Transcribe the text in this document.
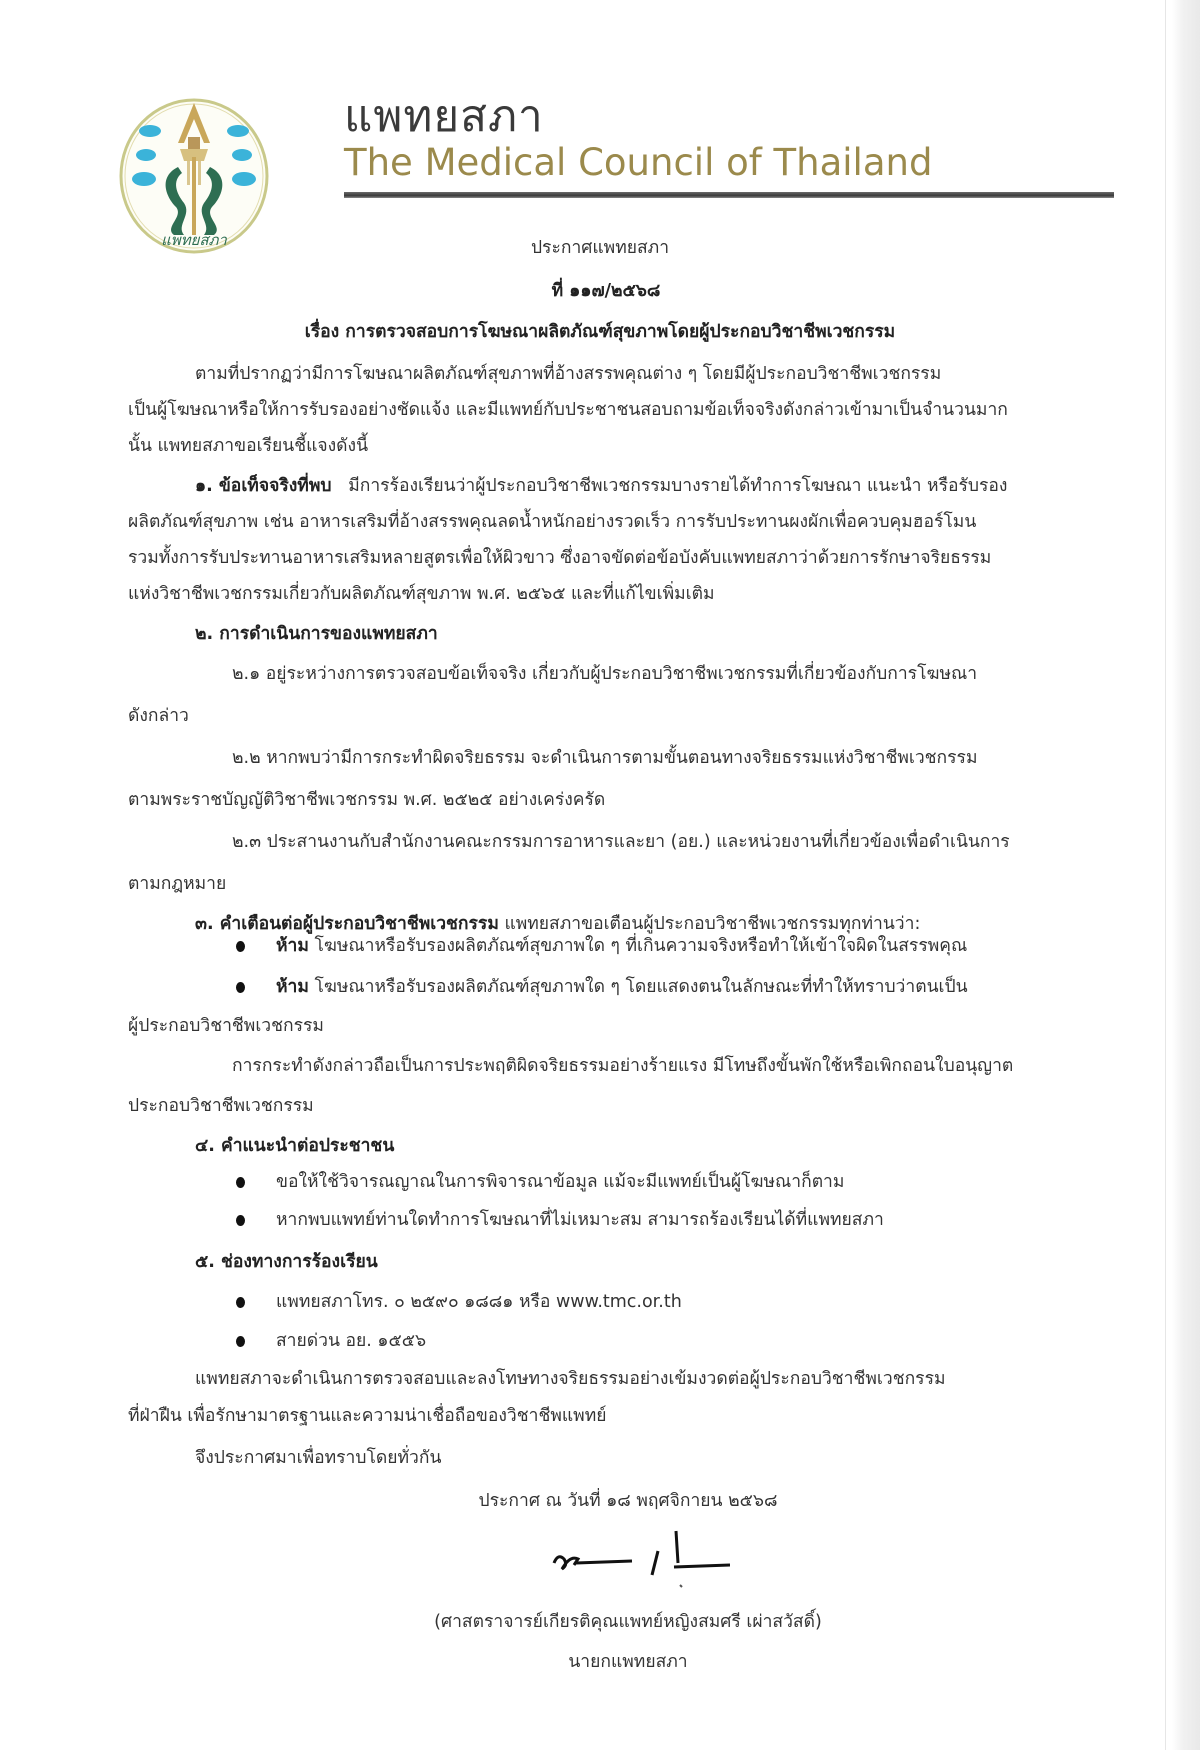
แพทยสภา
แพทยสภา
The Medical Council of Thailand
ประกาศแพทยสภา
ที่ ๑๑๗/๒๕๖๘
เรื่อง การตรวจสอบการโฆษณาผลิตภัณฑ์สุขภาพโดยผู้ประกอบวิชาชีพเวชกรรม
ตามที่ปรากฏว่ามีการโฆษณาผลิตภัณฑ์สุขภาพที่อ้างสรรพคุณต่าง ๆ โดยมีผู้ประกอบวิชาชีพเวชกรรม
เป็นผู้โฆษณาหรือให้การรับรองอย่างชัดแจ้ง และมีแพทย์กับประชาชนสอบถามข้อเท็จจริงดังกล่าวเข้ามาเป็นจำนวนมาก
นั้น แพทยสภาขอเรียนชี้แจงดังนี้
๑. ข้อเท็จจริงที่พบ มีการร้องเรียนว่าผู้ประกอบวิชาชีพเวชกรรมบางรายได้ทำการโฆษณา แนะนำ หรือรับรอง
ผลิตภัณฑ์สุขภาพ เช่น อาหารเสริมที่อ้างสรรพคุณลดน้ำหนักอย่างรวดเร็ว การรับประทานผงผักเพื่อควบคุมฮอร์โมน
รวมทั้งการรับประทานอาหารเสริมหลายสูตรเพื่อให้ผิวขาว ซึ่งอาจขัดต่อข้อบังคับแพทยสภาว่าด้วยการรักษาจริยธรรม
แห่งวิชาชีพเวชกรรมเกี่ยวกับผลิตภัณฑ์สุขภาพ พ.ศ. ๒๕๖๕ และที่แก้ไขเพิ่มเติม
๒. การดำเนินการของแพทยสภา
๒.๑ อยู่ระหว่างการตรวจสอบข้อเท็จจริง เกี่ยวกับผู้ประกอบวิชาชีพเวชกรรมที่เกี่ยวข้องกับการโฆษณา
ดังกล่าว
๒.๒ หากพบว่ามีการกระทำผิดจริยธรรม จะดำเนินการตามขั้นตอนทางจริยธรรมแห่งวิชาชีพเวชกรรม
ตามพระราชบัญญัติวิชาชีพเวชกรรม พ.ศ. ๒๕๒๕ อย่างเคร่งครัด
๒.๓ ประสานงานกับสำนักงานคณะกรรมการอาหารและยา (อย.) และหน่วยงานที่เกี่ยวข้องเพื่อดำเนินการ
ตามกฎหมาย
๓. คำเตือนต่อผู้ประกอบวิชาชีพเวชกรรม แพทยสภาขอเตือนผู้ประกอบวิชาชีพเวชกรรมทุกท่านว่า:
ห้าม โฆษณาหรือรับรองผลิตภัณฑ์สุขภาพใด ๆ ที่เกินความจริงหรือทำให้เข้าใจผิดในสรรพคุณ
ห้าม โฆษณาหรือรับรองผลิตภัณฑ์สุขภาพใด ๆ โดยแสดงตนในลักษณะที่ทำให้ทราบว่าตนเป็น
ผู้ประกอบวิชาชีพเวชกรรม
การกระทำดังกล่าวถือเป็นการประพฤติผิดจริยธรรมอย่างร้ายแรง มีโทษถึงขั้นพักใช้หรือเพิกถอนใบอนุญาต
ประกอบวิชาชีพเวชกรรม
๔. คำแนะนำต่อประชาชน
ขอให้ใช้วิจารณญาณในการพิจารณาข้อมูล แม้จะมีแพทย์เป็นผู้โฆษณาก็ตาม
หากพบแพทย์ท่านใดทำการโฆษณาที่ไม่เหมาะสม สามารถร้องเรียนได้ที่แพทยสภา
๕. ช่องทางการร้องเรียน
แพทยสภาโทร. ๐ ๒๕๙๐ ๑๘๘๑ หรือ www.tmc.or.th
สายด่วน อย. ๑๕๕๖
แพทยสภาจะดำเนินการตรวจสอบและลงโทษทางจริยธรรมอย่างเข้มงวดต่อผู้ประกอบวิชาชีพเวชกรรม
ที่ฝ่าฝืน เพื่อรักษามาตรฐานและความน่าเชื่อถือของวิชาชีพแพทย์
จึงประกาศมาเพื่อทราบโดยทั่วกัน
ประกาศ ณ วันที่ ๑๘ พฤศจิกายน ๒๕๖๘
(ศาสตราจารย์เกียรติคุณแพทย์หญิงสมศรี เผ่าสวัสดิ์)
นายกแพทยสภา
